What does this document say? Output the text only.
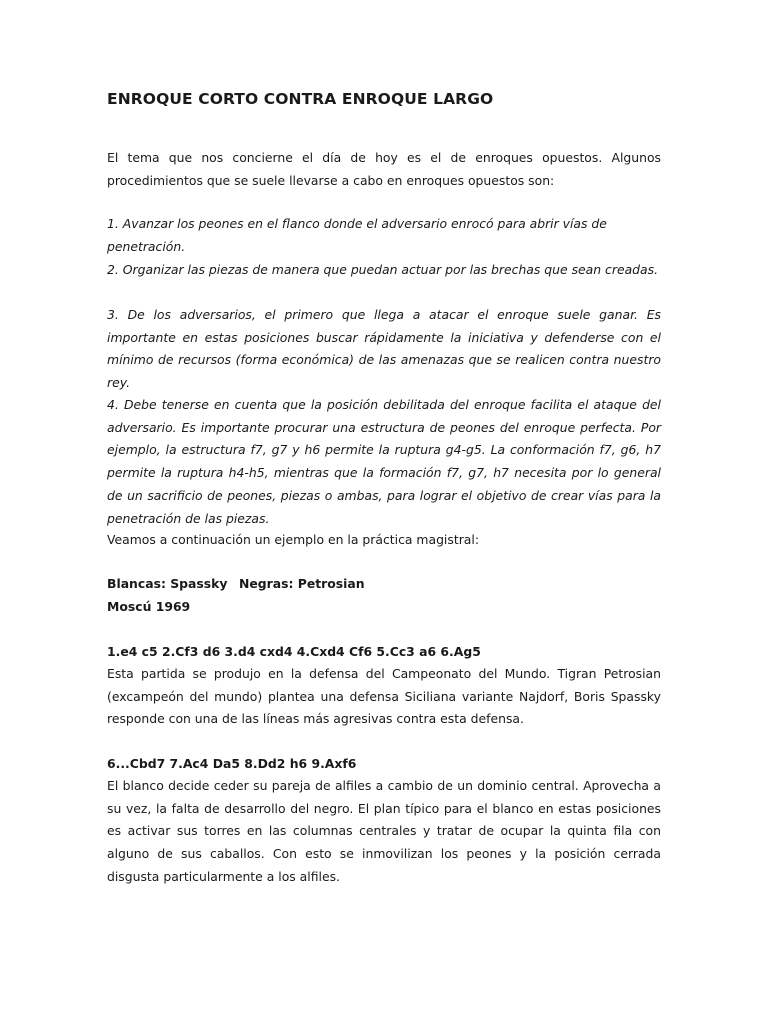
ENROQUE CORTO CONTRA ENROQUE LARGO

El tema que nos concierne el día de hoy es el de enroques opuestos. Algunos procedimientos que se suele llevarse a cabo en enroques opuestos son:

1. Avanzar los peones en el flanco donde el adversario enrocó para abrir vías de penetración.

2. Organizar las piezas de manera que puedan actuar por las brechas que sean creadas.

3. De los adversarios, el primero que llega a atacar el enroque suele ganar. Es importante en estas posiciones buscar rápidamente la iniciativa y defenderse con el mínimo de recursos (forma económica) de las amenazas que se realicen contra nuestro rey.

4. Debe tenerse en cuenta que la posición debilitada del enroque facilita el ataque del adversario. Es importante procurar una estructura de peones del enroque perfecta. Por ejemplo, la estructura f7, g7 y h6 permite la ruptura g4-g5. La conformación f7, g6, h7 permite la ruptura h4-h5, mientras que la formación f7, g7, h7 necesita por lo general de un sacrificio de peones, piezas o ambas, para lograr el objetivo de crear vías para la penetración de las piezas.

Veamos a continuación un ejemplo en la práctica magistral:

Blancas: Spassky Negras: Petrosian
Moscú 1969
1.e4 c5 2.Cf3 d6 3.d4 cxd4 4.Cxd4 Cf6 5.Cc3 a6 6.Ag5

Esta partida se produjo en la defensa del Campeonato del Mundo. Tigran Petrosian (excampeón del mundo) plantea una defensa Siciliana variante Najdorf, Boris Spassky responde con una de las líneas más agresivas contra esta defensa.

6...Cbd7 7.Ac4 Da5 8.Dd2 h6 9.Axf6

El blanco decide ceder su pareja de alfiles a cambio de un dominio central. Aprovecha a su vez, la falta de desarrollo del negro. El plan típico para el blanco en estas posiciones es activar sus torres en las columnas centrales y tratar de ocupar la quinta fila con alguno de sus caballos. Con esto se inmovilizan los peones y la posición cerrada disgusta particularmente a los alfiles.
